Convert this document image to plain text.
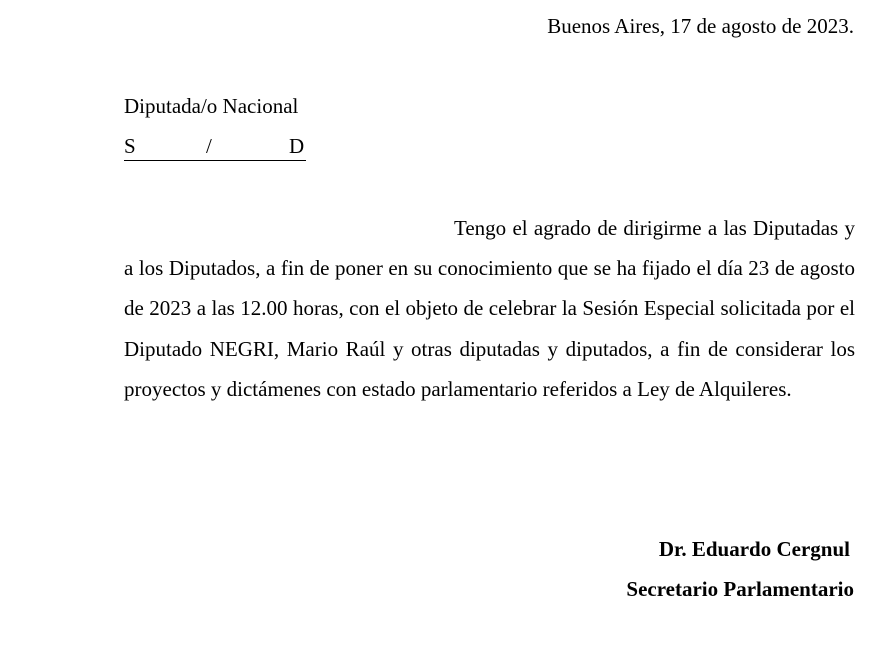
Buenos Aires, 17 de agosto de 2023.
Diputada/o Nacional
S	/	D

Tengo el agrado de dirigirme a las Diputadas y a los Diputados, a fin de poner en su conocimiento que se ha fijado el día 23 de agosto de 2023 a las 12.00 horas, con el objeto de celebrar la Sesión Especial solicitada por el Diputado NEGRI, Mario Raúl y otras diputadas y diputados, a fin de considerar los proyectos y dictámenes con estado parlamentario referidos a Ley de Alquileres.

Dr. Eduardo Cergnul
Secretario Parlamentario
